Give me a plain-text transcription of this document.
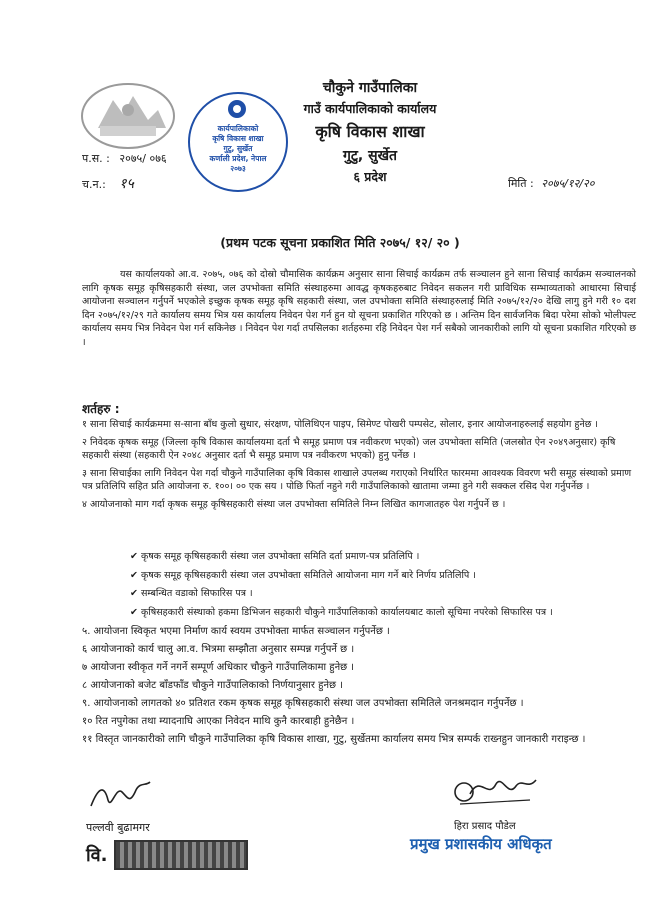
कार्यपालिकाको
कृषि विकास शाखा
गुटु, सुर्खेत
कर्णाली प्रदेश, नेपाल
२०७३
चौकुने गाउँपालिका
गाउँ कार्यपालिकाको कार्यालय
कृषि विकास शाखा
गुटु, सुर्खेत
६ प्रदेश
प.स. : २०७५/ ०७६
च.न.: १५	मिति : २०७५/१२/२०
(प्रथम पटक सूचना प्रकाशित मिति २०७५/ १२/ २० )
यस कार्यालयको आ.व. २०७५, ०७६ को दोस्रो चौमासिक कार्यक्रम अनुसार साना सिचाई कार्यक्रम तर्फ सञ्चालन हुने साना सिचाई कार्यक्रम सञ्चालनको लागि कृषक समूह कृषिसहकारी संस्था, जल उपभोक्ता समिति संस्थाहरुमा आवद्ध कृषकहरुबाट निवेदन सकलन गरी प्राविधिक सम्भाव्यताको आधारमा सिचाई आयोजना सञ्चालन गर्नुपर्ने भएकोले इच्छुक कृषक समूह कृषि सहकारी संस्था, जल उपभोक्ता समिति संस्थाहरुलाई मिति २०७५/१२/२० देखि लागु हुने गरी १० दश दिन २०७५/१२/२९ गते कार्यालय समय भित्र यस कार्यालय निवेदन पेश गर्न हुन यो सूचना प्रकाशित गरिएको छ । अन्तिम दिन सार्वजनिक बिदा परेमा सोको भोलीपल्ट कार्यालय समय भित्र निवेदन पेश गर्न सकिनेछ । निवेदन पेश गर्दा तपसिलका शर्तहरुमा रहि निवेदन पेश गर्न सबैको जानकारीको लागि यो सूचना प्रकाशित गरिएको छ ।
शर्तहरु :
१ साना सिचाई कार्यक्रममा स-साना बाँध कुलो सुधार, संरक्षण, पोलिथिएन पाइप, सिमेण्ट पोखरी पम्पसेट, सोलार, इनार आयोजनाहरुलाई सहयोग हुनेछ ।
२ निवेदक कृषक समूह (जिल्ला कृषि विकास कार्यालयमा दर्ता भै समूह प्रमाण पत्र नवीकरण भएको) जल उपभोक्ता समिति (जलस्रोत ऐन २०४९अनुसार) कृषि सहकारी संस्था (सहकारी ऐन २०४८ अनुसार दर्ता भै समूह प्रमाण पत्र नवीकरण भएको) हुनु पर्नेछ ।
३ साना सिचाईका लागि निवेदन पेश गर्दा चौकुने गाउँपालिका कृषि विकास शाखाले उपलब्ध गराएको निर्धारित फारममा आवश्यक विवरण भरी समूह संस्थाको प्रमाण पत्र प्रतिलिपि सहित प्रति आयोजना रु. १००। ०० एक सय । पोछि फिर्ता नहुने गरी गाउँपालिकाको खातामा जम्मा हुने गरी सक्कल रसिद पेश गर्नुपर्नेछ ।
४ आयोजनाको माग गर्दा कृषक समूह कृषिसहकारी संस्था जल उपभोक्ता समितिले निम्न लिखित कागजातहरु पेश गर्नुपर्ने छ ।
✔ कृषक समूह कृषिसहकारी संस्था जल उपभोक्ता समिति दर्ता प्रमाण-पत्र प्रतिलिपि ।
✔ कृषक समूह कृषिसहकारी संस्था जल उपभोक्ता समितिले आयोजना माग गर्ने बारे निर्णय प्रतिलिपि ।
✔ सम्बन्धित वडाको सिफारिस पत्र ।
✔ कृषिसहकारी संस्थाको हकमा डिभिजन सहकारी चौकुने गाउँपालिकाको कार्यालयबाट कालो सूचिमा नपरेको सिफारिस पत्र ।
५. आयोजना स्विकृत भएमा निर्माण कार्य स्वयम उपभोक्ता मार्फत सञ्चालन गर्नुपर्नेछ ।
६ आयोजनाको कार्य चालु आ.व. भित्रमा सम्झौता अनुसार सम्पन्न गर्नुपर्ने छ ।
७ आयोजना स्वीकृत गर्ने नगर्ने सम्पूर्ण अधिकार चौकुने गाउँपालिकामा हुनेछ ।
८ आयोजनाको बजेट बाँडफाँड चौकुने गाउँपालिकाको निर्णयानुसार हुनेछ ।
९. आयोजनाको लागतको ४० प्रतिशत रकम कृषक समूह कृषिसहकारी संस्था जल उपभोक्ता समितिले जनश्रमदान गर्नुपर्नेछ ।
१० रित नपुगेका तथा म्यादनाघि आएका निवेदन माथि कुनै कारबाही हुनेछैन ।
११ विस्तृत जानकारीको लागि चौकुने गाउँपालिका कृषि विकास शाखा, गुटु, सुर्खेतमा कार्यालय समय भित्र सम्पर्क राख्नहुन जानकारी गराइन्छ ।
पल्लवी बुढामगर
वि.
हिरा प्रसाद पौडेल
प्रमुख प्रशासकीय अधिकृत
